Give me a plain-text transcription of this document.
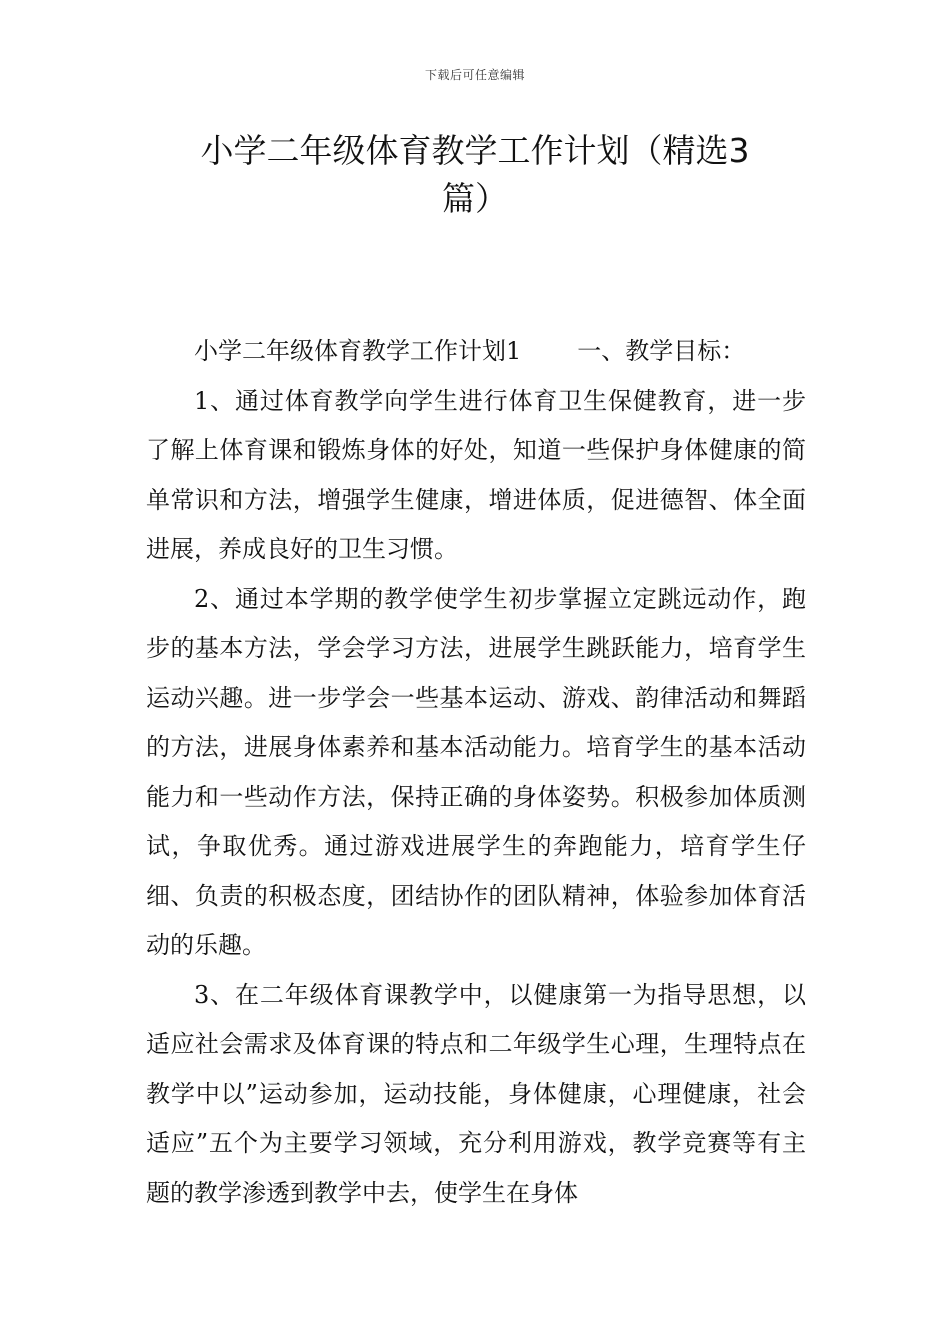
下载后可任意编辑
小学二年级体育教学工作计划（精选3
篇）

小学二年级体育教学工作计划1 一、教学目标：

1、通过体育教学向学生进行体育卫生保健教育，进一步了解上体育课和锻炼身体的好处，知道一些保护身体健康的简单常识和方法，增强学生健康，增进体质，促进德智、体全面进展，养成良好的卫生习惯。

2、通过本学期的教学使学生初步掌握立定跳远动作，跑步的基本方法，学会学习方法，进展学生跳跃能力，培育学生运动兴趣。进一步学会一些基本运动、游戏、韵律活动和舞蹈的方法，进展身体素养和基本活动能力。培育学生的基本活动能力和一些动作方法，保持正确的身体姿势。积极参加体质测试，争取优秀。通过游戏进展学生的奔跑能力，培育学生仔细、负责的积极态度，团结协作的团队精神，体验参加体育活动的乐趣。

3、在二年级体育课教学中，以健康第一为指导思想，以适应社会需求及体育课的特点和二年级学生心理，生理特点在教学中以”运动参加，运动技能，身体健康，心理健康，社会适应”五个为主要学习领域，充分利用游戏，教学竞赛等有主题的教学渗透到教学中去，使学生在身体
